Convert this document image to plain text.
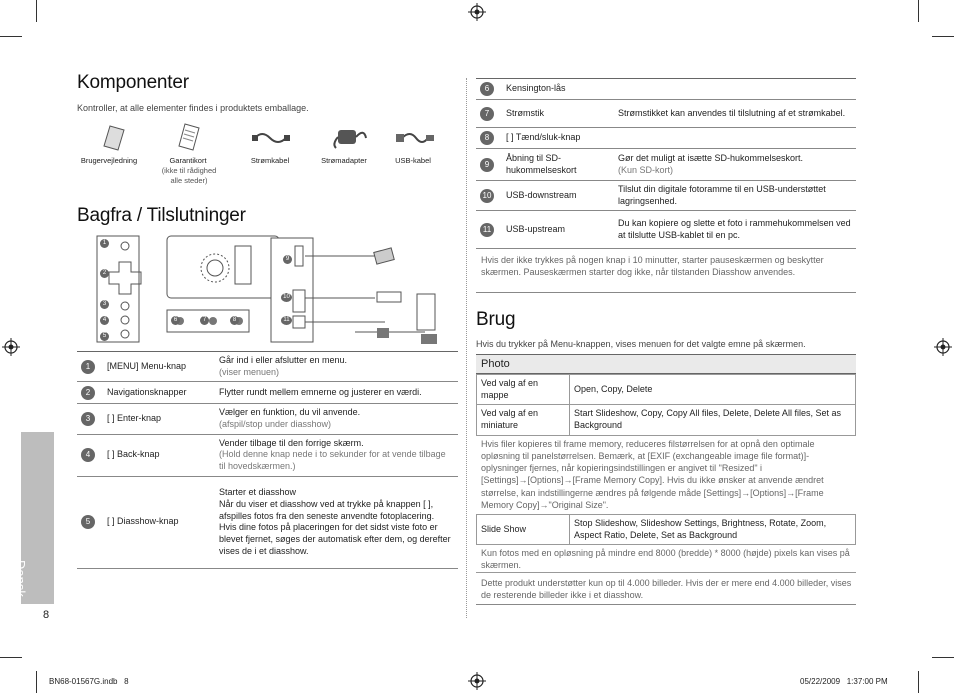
Komponenter
Kontroller, at alle elementer findes i produktets emballage.
Brugervejledning	Garantikort
(ikke til rådighed alle steder)
Strømkabel	Strømadapter	USB-kabel
Bagfra / Tilslutninger
1
2
3
4
5
6	7	8
9
10
11
1	[MENU] Menu-knap	Går ind i eller afslutter en menu.
(viser menuen)

2	Navigationsknapper	Flytter rundt mellem emnerne og justerer en værdi.
3	[ ] Enter-knap	Vælger en funktion, du vil anvende.
(afspil/stop under diasshow)

4	[ ] Back-knap	Vender tilbage til den forrige skærm.
(Hold denne knap nede i to sekunder for at vende tilbage til hovedskærmen.)

5	[ ] Diasshow-knap	Starter et diasshow
Når du viser et diasshow ved at trykke på knappen [ ], afspilles fotos fra den seneste anvendte fotoplacering. Hvis dine fotos på placeringen for det sidst viste foto er blevet fjernet, søges der automatisk efter dem, og derefter vises de i et diasshow.
Dansk
8
6	Kensington-lås	
7	Strømstik	Strømstikket kan anvendes til tilslutning af et strømkabel.
8	[ ] Tænd/sluk-knap	
9	Åbning til SD-hukommelseskort	Gør det muligt at isætte SD-hukommelseskort.
(Kun SD-kort)

10	USB-downstream	Tilslut din digitale fotoramme til en USB-understøttet lagringsenhed.
11	USB-upstream	Du kan kopiere og slette et foto i rammehukommelsen ved at tilslutte USB-kablet til en pc.
Hvis der ikke trykkes på nogen knap i 10 minutter, starter pauseskærmen og beskytter skærmen. Pauseskærmen starter dog ikke, når tilstanden Diasshow anvendes.
Brug
Hvis du trykker på Menu-knappen, vises menuen for det valgte emne på skærmen.
Photo
Ved valg af en mappe	Open, Copy, Delete
Ved valg af en miniature	Start Slideshow, Copy, Copy All files, Delete, Delete All files, Set as Background
Hvis filer kopieres til frame memory, reduceres filstørrelsen for at opnå den optimale opløsning til panelstørrelsen. Bemærk, at [EXIF (exchangeable image file format)]-oplysninger fjernes, når kopieringsindstillingen er angivet til "Resized" i [Settings]→[Options]→[Frame Memory Copy]. Hvis du ikke ønsker at anvende ændret størrelse, kan indstillingerne ændres på følgende måde [Settings]→[Options]→[Frame Memory Copy]→"Original Size".
Slide Show	Stop Slideshow, Slideshow Settings, Brightness, Rotate, Zoom, Aspect Ratio, Delete, Set as Background
Kun fotos med en opløsning på mindre end 8000 (bredde) * 8000 (højde) pixels kan vises på skærmen.
Dette produkt understøtter kun op til 4.000 billeder. Hvis der er mere end 4.000 billeder, vises de resterende billeder ikke i et diasshow.
BN68-01567G.indb   8	05/22/2009   1:37:00 PM
